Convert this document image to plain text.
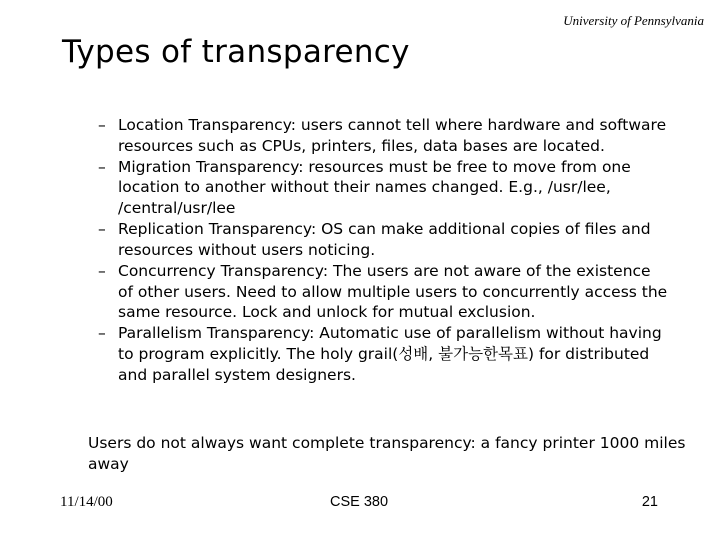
University of Pennsylvania
Types of transparency
– Location Transparency: users cannot tell where hardware and software resources such as CPUs, printers, files, data bases are located.
– Migration Transparency: resources must be free to move from one location to another without their names changed. E.g., /usr/lee, /central/usr/lee
– Replication Transparency: OS can make additional copies of files and resources without users noticing.
– Concurrency Transparency: The users are not aware of the existence of other users. Need to allow multiple users to concurrently access the same resource. Lock and unlock for mutual exclusion.
– Parallelism Transparency: Automatic use of parallelism without having to program explicitly. The holy grail(성배, 불가능한목표) for distributed and parallel system designers.
Users do not always want complete transparency: a fancy printer 1000 miles away
11/14/00	CSE 380	21
